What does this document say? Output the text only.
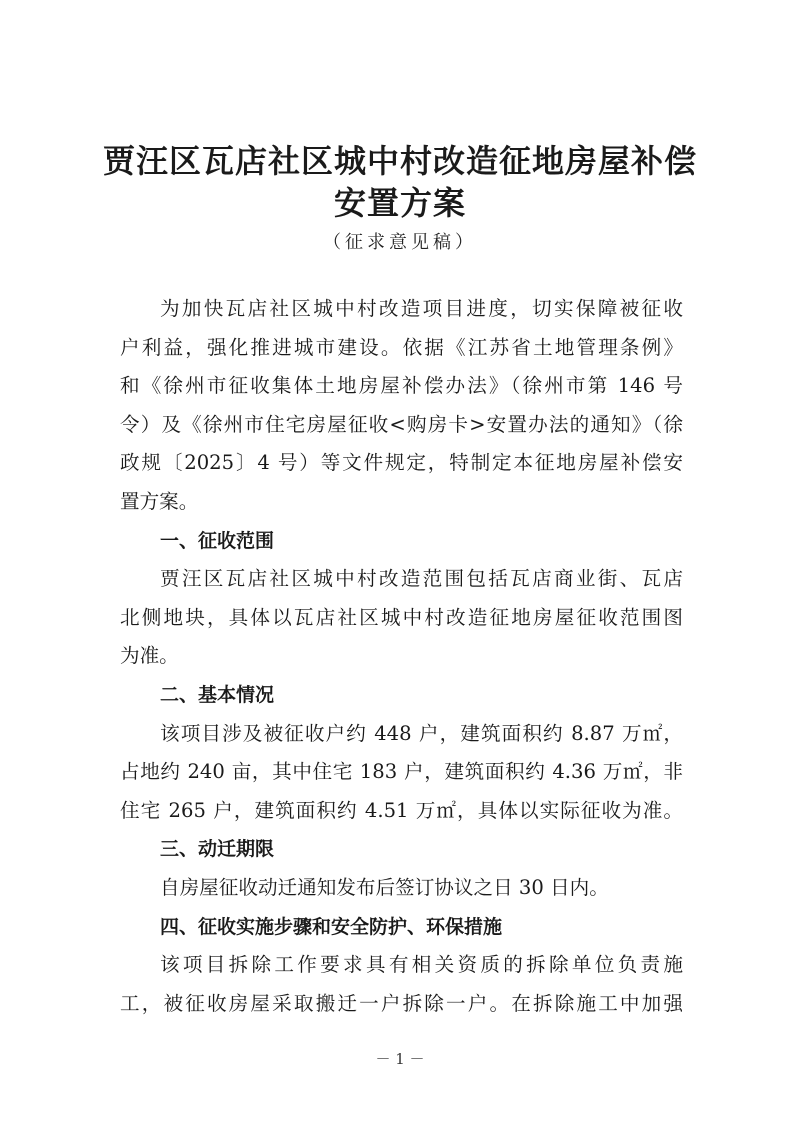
贾汪区瓦店社区城中村改造征地房屋补偿
安置方案
（征求意见稿）
为加快瓦店社区城中村改造项目进度，切实保障被征收
户利益，强化推进城市建设。依据《江苏省土地管理条例》
和《徐州市征收集体土地房屋补偿办法》（徐州市第 146 号
令）及《徐州市住宅房屋征收<购房卡>安置办法的通知》（徐
政规〔2025〕4 号）等文件规定，特制定本征地房屋补偿安
置方案。
一、征收范围
贾汪区瓦店社区城中村改造范围包括瓦店商业街、瓦店
北侧地块，具体以瓦店社区城中村改造征地房屋征收范围图
为准。
二、基本情况
该项目涉及被征收户约 448 户，建筑面积约 8.87 万㎡，
占地约 240 亩，其中住宅 183 户，建筑面积约 4.36 万㎡，非
住宅 265 户，建筑面积约 4.51 万㎡，具体以实际征收为准。
三、动迁期限
自房屋征收动迁通知发布后签订协议之日 30 日内。
四、征收实施步骤和安全防护、环保措施
该项目拆除工作要求具有相关资质的拆除单位负责施
工，被征收房屋采取搬迁一户拆除一户。在拆除施工中加强
－ 1 －
